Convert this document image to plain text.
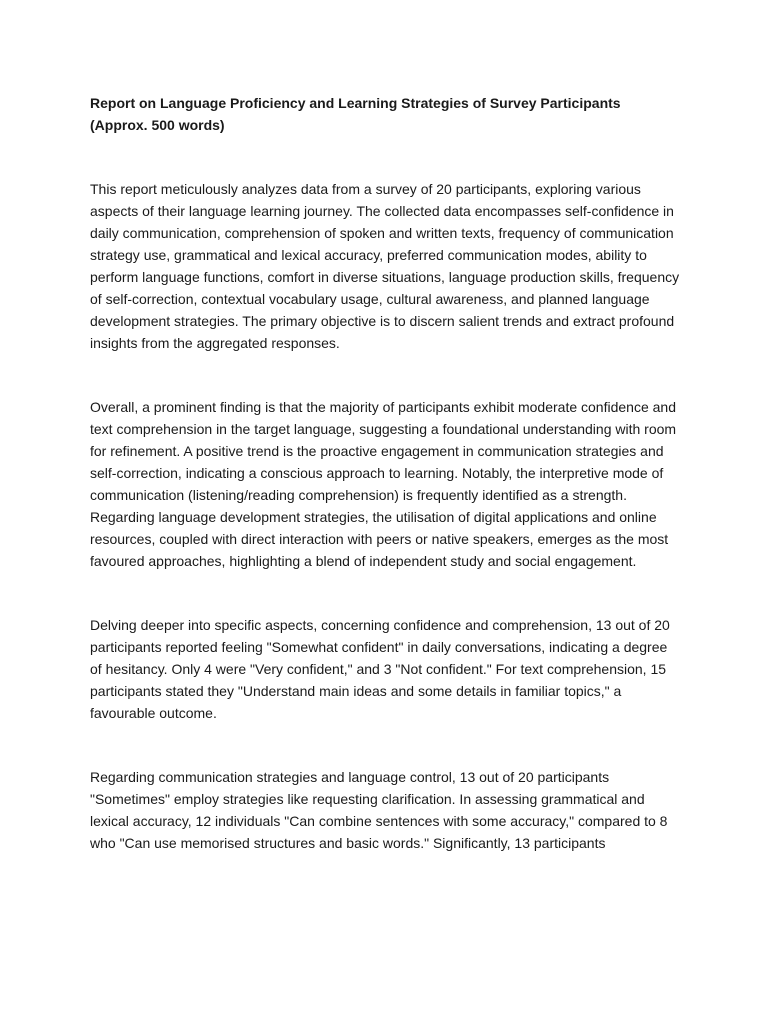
Report on Language Proficiency and Learning Strategies of Survey Participants
(Approx. 500 words)

This report meticulously analyzes data from a survey of 20 participants, exploring various aspects of their language learning journey. The collected data encompasses self-confidence in daily communication, comprehension of spoken and written texts, frequency of communication strategy use, grammatical and lexical accuracy, preferred communication modes, ability to perform language functions, comfort in diverse situations, language production skills, frequency of self-correction, contextual vocabulary usage, cultural awareness, and planned language development strategies. The primary objective is to discern salient trends and extract profound insights from the aggregated responses.

Overall, a prominent finding is that the majority of participants exhibit moderate confidence and text comprehension in the target language, suggesting a foundational understanding with room for refinement. A positive trend is the proactive engagement in communication strategies and self-correction, indicating a conscious approach to learning. Notably, the interpretive mode of communication (listening/reading comprehension) is frequently identified as a strength. Regarding language development strategies, the utilisation of digital applications and online resources, coupled with direct interaction with peers or native speakers, emerges as the most favoured approaches, highlighting a blend of independent study and social engagement.

Delving deeper into specific aspects, concerning confidence and comprehension, 13 out of 20 participants reported feeling "Somewhat confident" in daily conversations, indicating a degree of hesitancy. Only 4 were "Very confident," and 3 "Not confident." For text comprehension, 15 participants stated they "Understand main ideas and some details in familiar topics," a favourable outcome.

Regarding communication strategies and language control, 13 out of 20 participants "Sometimes" employ strategies like requesting clarification. In assessing grammatical and lexical accuracy, 12 individuals "Can combine sentences with some accuracy," compared to 8 who "Can use memorised structures and basic words." Significantly, 13 participants
